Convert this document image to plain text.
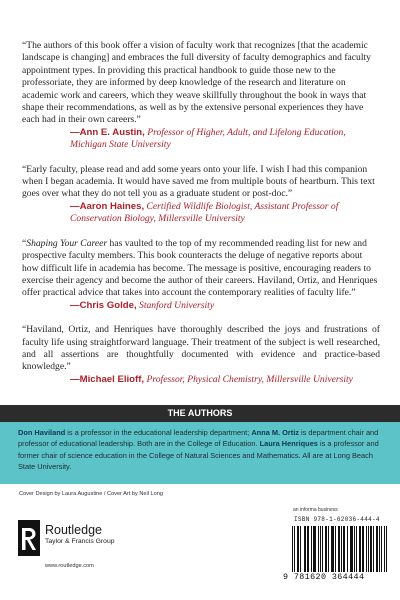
“The authors of this book offer a vision of faculty work that recognizes [that the academic landscape is changing] and embraces the full diversity of faculty demographics and faculty appointment types. In providing this practical handbook to guide those new to the professoriate, they are informed by deep knowledge of the research and literature on academic work and careers, which they weave skillfully throughout the book in ways that shape their recommendations, as well as by the extensive personal experiences they have each had in their own careers.”

—Ann E. Austin, Professor of Higher, Adult, and Lifelong Education, Michigan State University

“Early faculty, please read and add some years onto your life. I wish I had this companion when I began academia. It would have saved me from multiple bouts of heartburn. This text goes over what they do not tell you as a graduate student or post-doc.”

—Aaron Haines, Certified Wildlife Biologist, Assistant Professor of Conservation Biology, Millersville University

“Shaping Your Career has vaulted to the top of my recommended reading list for new and prospective faculty members. This book counteracts the deluge of negative reports about how difficult life in academia has become. The message is positive, encouraging readers to exercise their agency and become the author of their careers. Haviland, Ortiz, and Henriques offer practical advice that takes into account the contemporary realities of faculty life.”

—Chris Golde, Stanford University

“Haviland, Ortiz, and Henriques have thoroughly described the joys and frustrations of faculty life using straightforward language. Their treatment of the subject is well researched, and all assertions are thoughtfully documented with evidence and practice-based knowledge.”

—Michael Elioff, Professor, Physical Chemistry, Millersville University

THE AUTHORS
Don Haviland is a professor in the educational leadership department; Anna M. Ortiz is department chair and professor of educational leadership. Both are in the College of Education. Laura Henriques is a professor and former chair of science education in the College of Natural Sciences and Mathematics. All are at Long Beach State University.
Cover Design by Laura Augustine / Cover Art by Neil Long
Routledge
Taylor & Francis Group
www.routledge.com
an informa business
ISBN 978-1-62036-444-4
9 781620 364444
